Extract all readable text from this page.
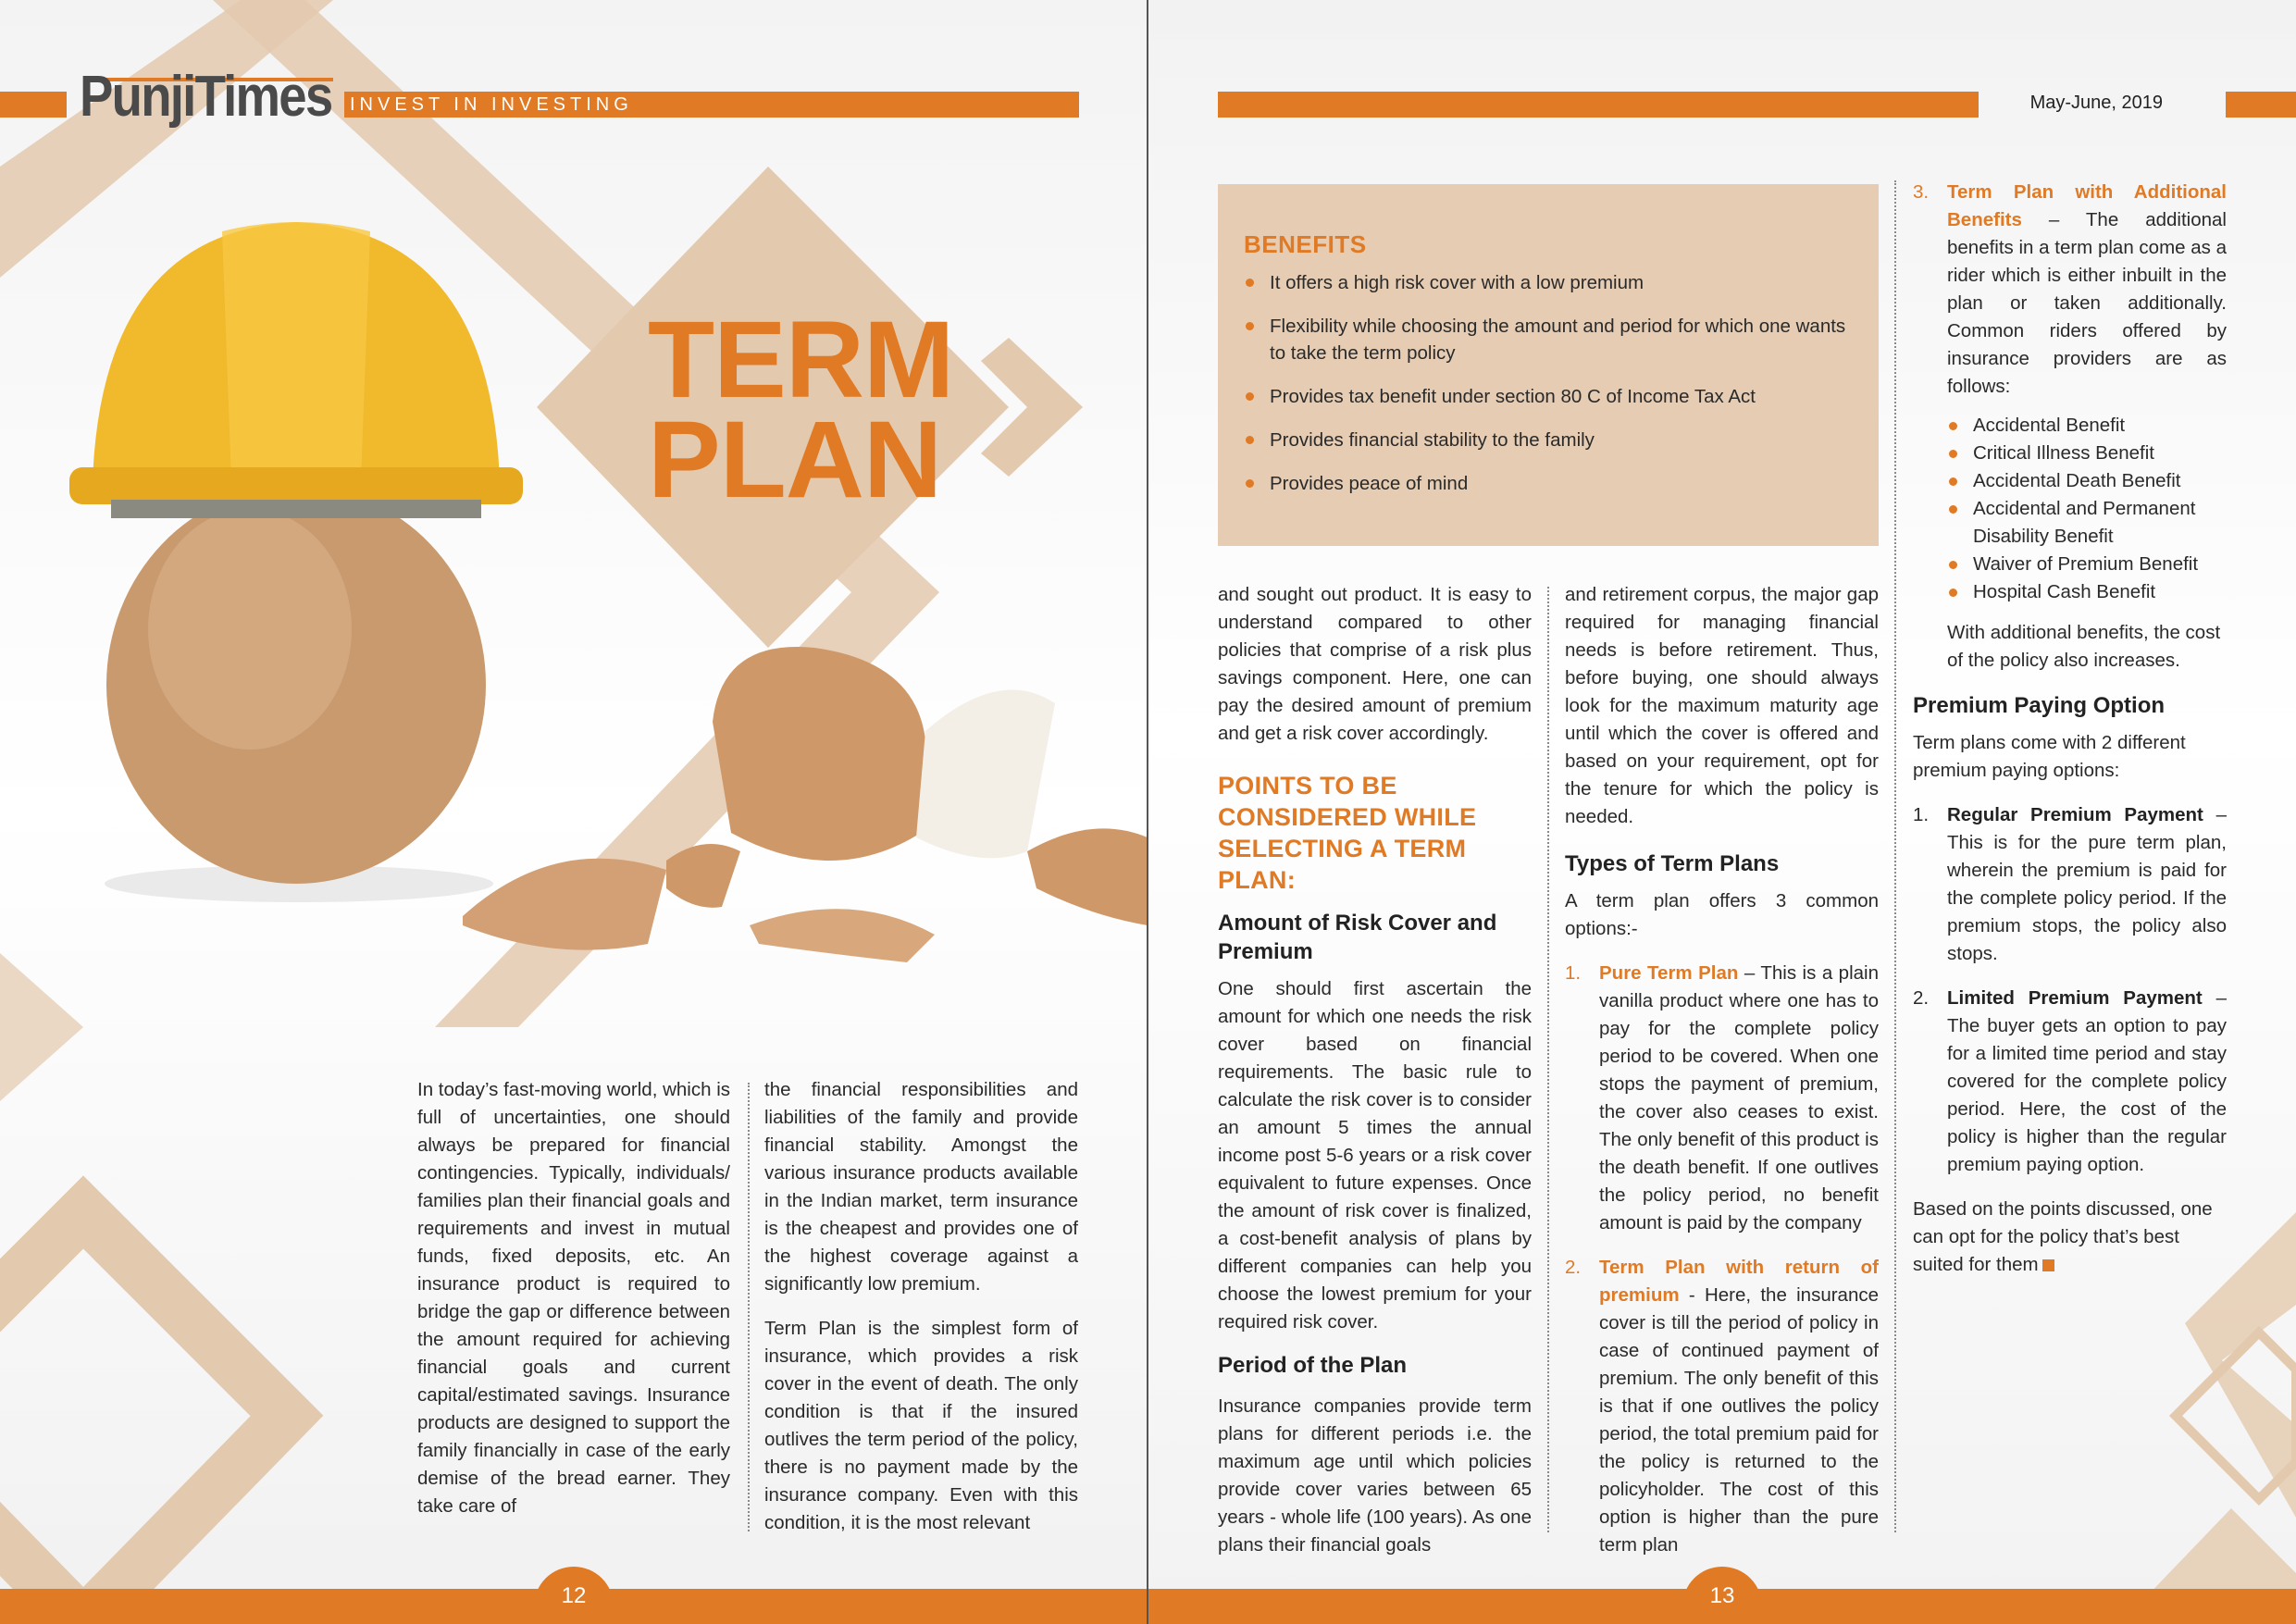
PunjiTimes INVEST IN INVESTING
TERM
PLAN

In today’s fast-moving world, which is full of uncertainties, one should always be prepared for financial contingencies. Typically, individuals/ families plan their financial goals and requirements and invest in mutual funds, fixed deposits, etc. An insurance product is required to bridge the gap or difference between the amount required for achieving financial goals and current capital/estimated savings. Insurance products are designed to support the family financially in case of the early demise of the bread earner. They take care of

the financial responsibilities and liabilities of the family and provide financial stability. Amongst the various insurance products available in the Indian market, term insurance is the cheapest and provides one of the highest coverage against a significantly low premium.

Term Plan is the simplest form of insurance, which provides a risk cover in the event of death. The only condition is that if the insured outlives the term period of the policy, there is no payment made by the insurance company. Even with this condition, it is the most relevant

12
May-June, 2019
BENEFITS
It offers a high risk cover with a low premium
Flexibility while choosing the amount and period for which one wants to take the term policy
Provides tax benefit under section 80 C of Income Tax Act
Provides financial stability to the family
Provides peace of mind

and sought out product. It is easy to understand compared to other policies that comprise of a risk plus savings component. Here, one can pay the desired amount of premium and get a risk cover accordingly.

POINTS TO BE CONSIDERED WHILE SELECTING A TERM PLAN:
Amount of Risk Cover and Premium

One should first ascertain the amount for which one needs the risk cover based on financial requirements. The basic rule to calculate the risk cover is to consider an amount 5 times the annual income post 5-6 years or a risk cover equivalent to future expenses. Once the amount of risk cover is finalized, a cost-benefit analysis of plans by different companies can help you choose the lowest premium for your required risk cover.

Period of the Plan

Insurance companies provide term plans for different periods i.e. the maximum age until which policies provide cover varies between 65 years - whole life (100 years). As one plans their financial goals

and retirement corpus, the major gap required for managing financial needs is before retirement. Thus, before buying, one should always look for the maximum maturity age until which the cover is offered and based on your requirement, opt for the tenure for which the policy is needed.

Types of Term Plans

A term plan offers 3 common options:-

1. Pure Term Plan – This is a plain vanilla product where one has to pay for the complete policy period to be covered. When one stops the payment of premium, the cover also ceases to exist. The only benefit of this product is the death benefit. If one outlives the policy period, no benefit amount is paid by the company
2. Term Plan with return of premium - Here, the insurance cover is till the period of policy in case of continued payment of premium. The only benefit of this is that if one outlives the policy period, the total premium paid for the policy is returned to the policyholder. The cost of this option is higher than the pure term plan
3. Term Plan with Additional Benefits – The additional benefits in a term plan come as a rider which is either inbuilt in the plan or taken additionally. Common riders offered by insurance providers are as follows:
Accidental Benefit
Critical Illness Benefit
Accidental Death Benefit
Accidental and Permanent Disability Benefit
Waiver of Premium Benefit
Hospital Cash Benefit

With additional benefits, the cost of the policy also increases.

Premium Paying Option

Term plans come with 2 different premium paying options:

1. Regular Premium Payment – This is for the pure term plan, wherein the premium is paid for the complete policy period. If the premium stops, the policy also stops.
2. Limited Premium Payment – The buyer gets an option to pay for a limited time period and stay covered for the complete policy period. Here, the cost of the policy is higher than the regular premium paying option.

Based on the points discussed, one can opt for the policy that’s best suited for them

13
